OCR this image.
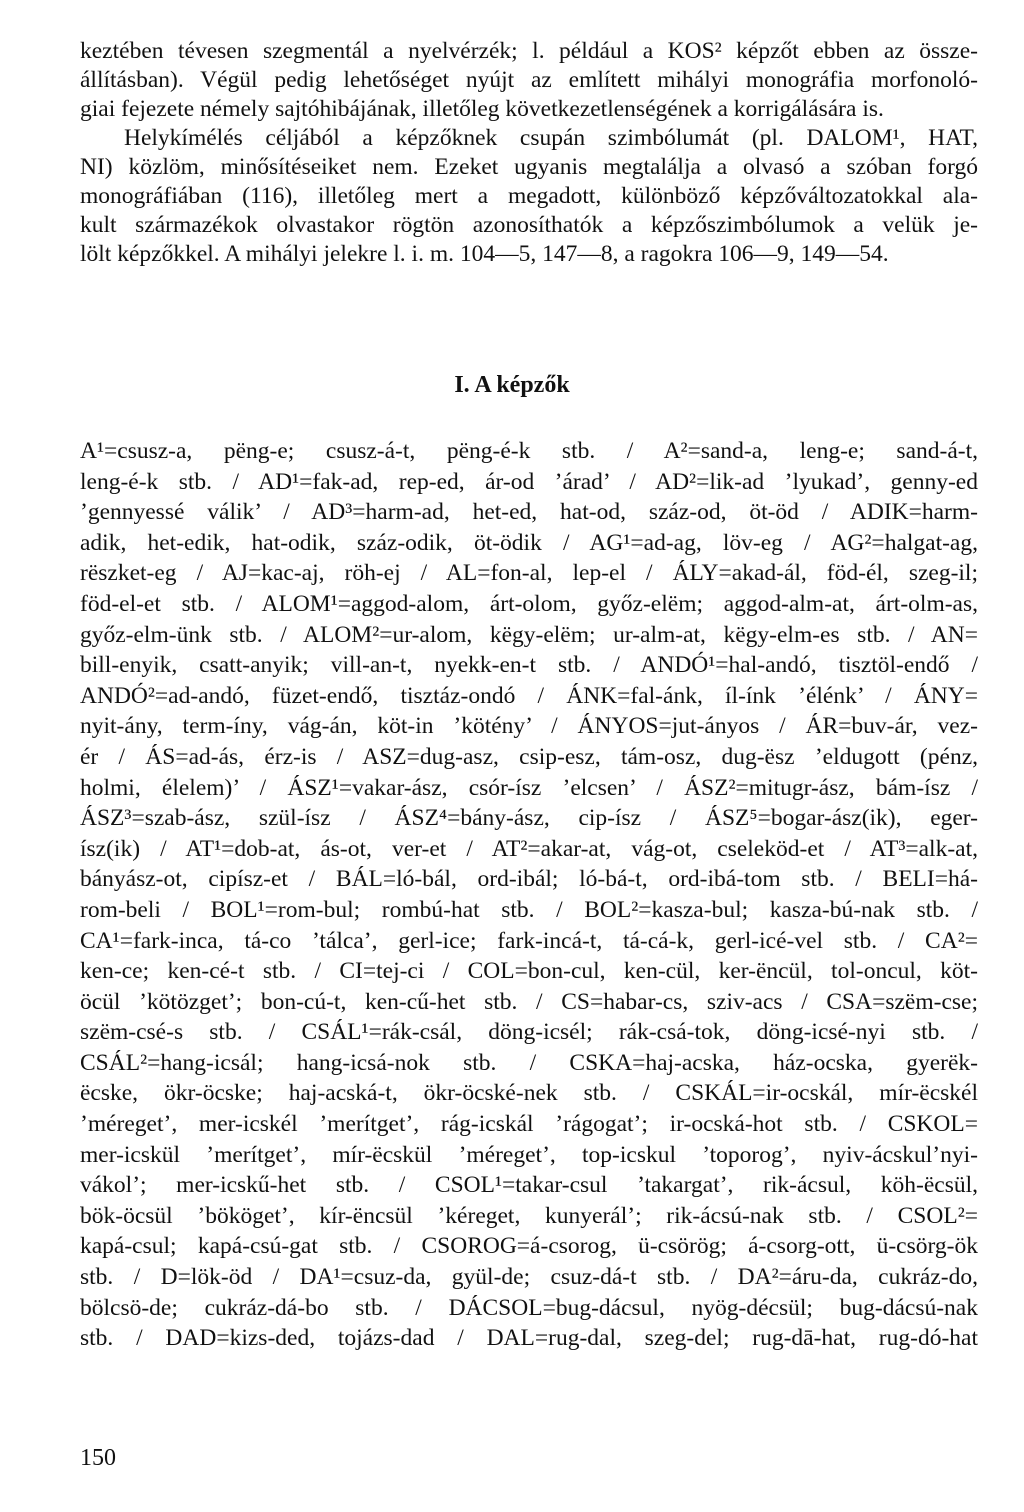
keztében tévesen szegmentál a nyelvérzék; l. például a KOS² képzőt ebben az össze-
állításban). Végül pedig lehetőséget nyújt az említett mihályi monográfia morfonoló-
giai fejezete némely sajtóhibájának, illetőleg következetlenségének a korrigálására is.
Helykímélés céljából a képzőknek csupán szimbólumát (pl. DALOM¹, HAT,
NI) közlöm, minősítéseiket nem. Ezeket ugyanis megtalálja a olvasó a szóban forgó
monográfiában (116), illetőleg mert a megadott, különböző képzőváltozatokkal ala-
kult származékok olvastakor rögtön azonosíthatók a képzőszimbólumok a velük je-
lölt képzőkkel. A mihályi jelekre l. i. m. 104—5, 147—8, a ragokra 106—9, 149—54.
I. A képzők
A¹=csusz-a, pëng-e; csusz-á-t, pëng-é-k stb. / A²=sand-a, leng-e; sand-á-t,
leng-é-k stb. / AD¹=fak-ad, rep-ed, ár-od ’árad’ / AD²=lik-ad ’lyukad’, genny-ed
’gennyessé válik’ / AD³=harm-ad, het-ed, hat-od, száz-od, öt-öd / ADIK=harm-
adik, het-edik, hat-odik, száz-odik, öt-ödik / AG¹=ad-ag, löv-eg / AG²=halgat-ag,
rëszket-eg / AJ=kac-aj, röh-ej / AL=fon-al, lep-el / ÁLY=akad-ál, föd-él, szeg-il;
föd-el-et stb. / ALOM¹=aggod-alom, árt-olom, győz-elëm; aggod-alm-at, árt-olm-as,
győz-elm-ünk stb. / ALOM²=ur-alom, këgy-elëm; ur-alm-at, këgy-elm-es stb. / AN=
bill-enyik, csatt-anyik; vill-an-t, nyekk-en-t stb. / ANDÓ¹=hal-andó, tisztöl-endő /
ANDÓ²=ad-andó, füzet-endő, tisztáz-ondó / ÁNK=fal-ánk, íl-ínk ’élénk’ / ÁNY=
nyit-ány, term-íny, vág-án, köt-in ’kötény’ / ÁNYOS=jut-ányos / ÁR=buv-ár, vez-
ér / ÁS=ad-ás, érz-is / ASZ=dug-asz, csip-esz, tám-osz, dug-ësz ’eldugott (pénz,
holmi, élelem)’ / ÁSZ¹=vakar-ász, csór-ísz ’elcsen’ / ÁSZ²=mitugr-ász, bám-ísz /
ÁSZ³=szab-ász, szül-ísz / ÁSZ⁴=bány-ász, cip-ísz / ÁSZ⁵=bogar-ász(ik), eger-
ísz(ik) / AT¹=dob-at, ás-ot, ver-et / AT²=akar-at, vág-ot, cseleköd-et / AT³=alk-at,
bányász-ot, cipísz-et / BÁL=ló-bál, ord-ibál; ló-bá-t, ord-ibá-tom stb. / BELI=há-
rom-beli / BOL¹=rom-bul; rombú-hat stb. / BOL²=kasza-bul; kasza-bú-nak stb. /
CA¹=fark-inca, tá-co ’tálca’, gerl-ice; fark-incá-t, tá-cá-k, gerl-icé-vel stb. / CA²=
ken-ce; ken-cé-t stb. / CI=tej-ci / COL=bon-cul, ken-cül, ker-ëncül, tol-oncul, köt-
öcül ’kötözget’; bon-cú-t, ken-cű-het stb. / CS=habar-cs, sziv-acs / CSA=szëm-cse;
szëm-csé-s stb. / CSÁL¹=rák-csál, döng-icsél; rák-csá-tok, döng-icsé-nyi stb. /
CSÁL²=hang-icsál; hang-icsá-nok stb. / CSKA=haj-acska, ház-ocska, gyerëk-
ëcske, ökr-öcske; haj-acská-t, ökr-öcské-nek stb. / CSKÁL=ir-ocskál, mír-ëcskél
’méreget’, mer-icskél ’merítget’, rág-icskál ’rágogat’; ir-ocská-hot stb. / CSKOL=
mer-icskül ’merítget’, mír-ëcskül ’méreget’, top-icskul ’toporog’, nyiv-ácskul’nyi-
vákol’; mer-icskű-het stb. / CSOL¹=takar-csul ’takargat’, rik-ácsul, köh-ëcsül,
bök-öcsül ’bököget’, kír-ëncsül ’kéreget, kunyerál’; rik-ácsú-nak stb. / CSOL²=
kapá-csul; kapá-csú-gat stb. / CSOROG=á-csorog, ü-csörög; á-csorg-ott, ü-csörg-ök
stb. / D=lök-öd / DA¹=csuz-da, gyül-de; csuz-dá-t stb. / DA²=áru-da, cukráz-do,
bölcsö-de; cukráz-dá-bo stb. / DÁCSOL=bug-dácsul, nyög-décsül; bug-dácsú-nak
stb. / DAD=kizs-ded, tojázs-dad / DAL=rug-dal, szeg-del; rug-dā-hat, rug-dó-hat
150
